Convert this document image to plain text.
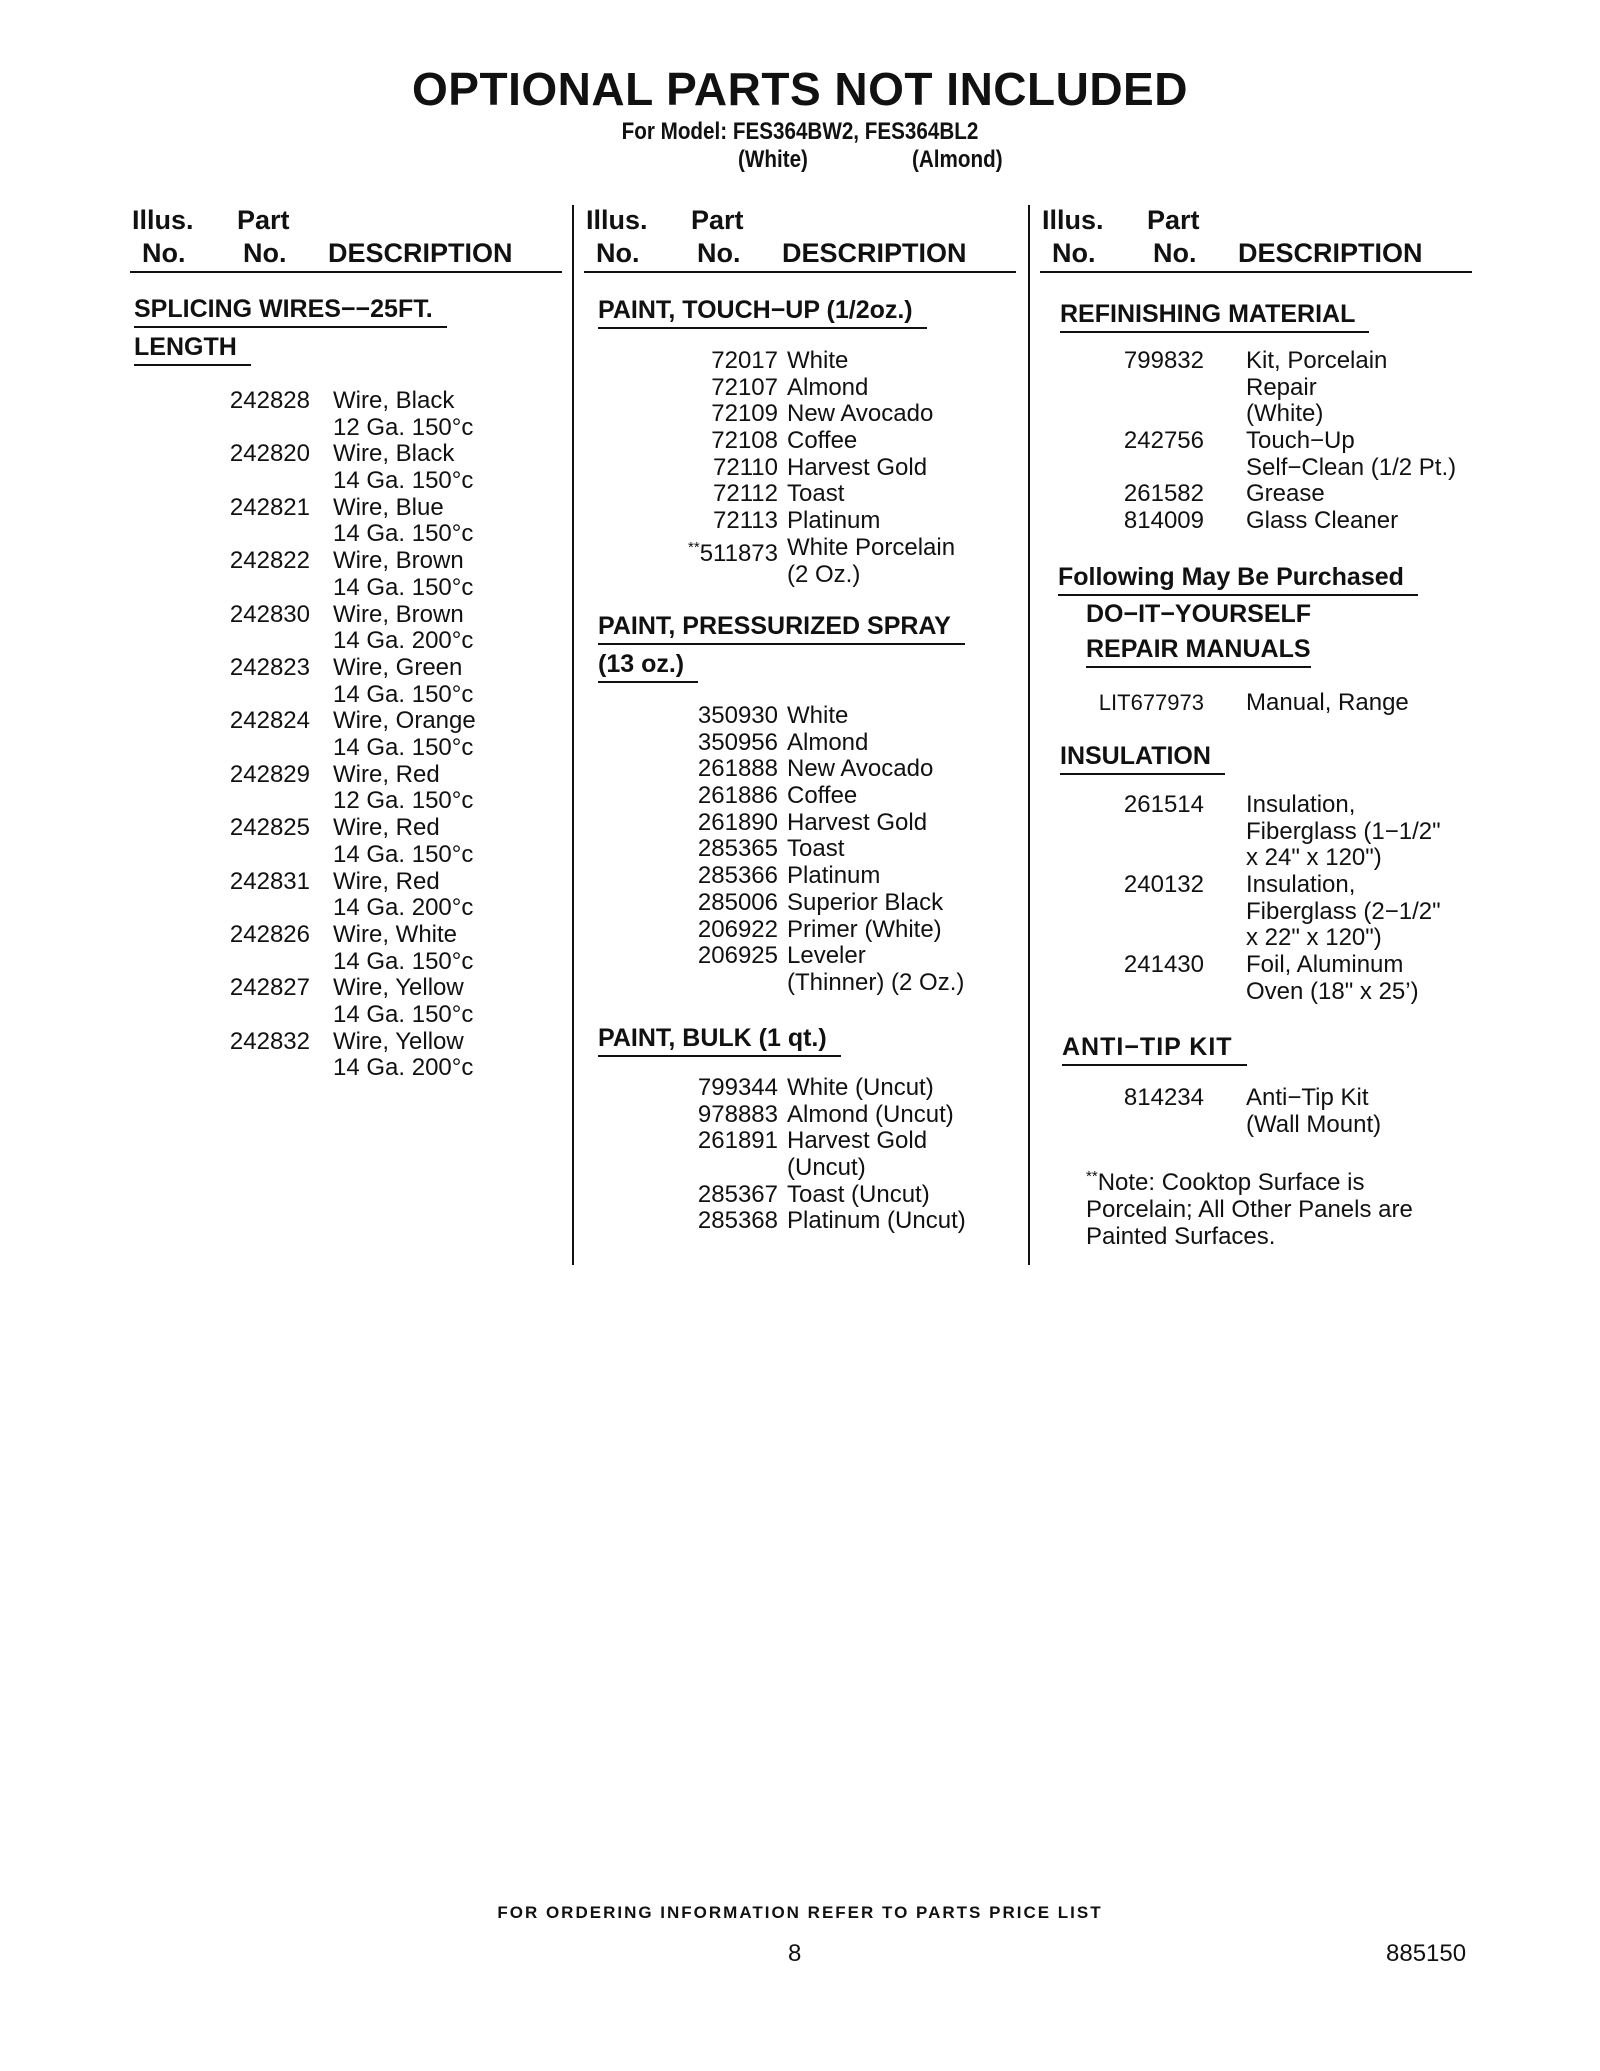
OPTIONAL PARTS NOT INCLUDED
For Model: FES364BW2, FES364BL2
(White)	(Almond)
Illus.
No.
Part
No. DESCRIPTION
SPLICING WIRES−−25FT.
LENGTH
242828 Wire, Black
12 Ga. 150°c
242820 Wire, Black
14 Ga. 150°c
242821 Wire, Blue
14 Ga. 150°c
242822 Wire, Brown
14 Ga. 150°c
242830 Wire, Brown
14 Ga. 200°c
242823 Wire, Green
14 Ga. 150°c
242824 Wire, Orange
14 Ga. 150°c
242829 Wire, Red
12 Ga. 150°c
242825 Wire, Red
14 Ga. 150°c
242831 Wire, Red
14 Ga. 200°c
242826 Wire, White
14 Ga. 150°c
242827 Wire, Yellow
14 Ga. 150°c
242832 Wire, Yellow
14 Ga. 200°c
Illus.
No.
Part
No. DESCRIPTION
PAINT, TOUCH−UP (1/2oz.)
72017 White
72107 Almond
72109 New Avocado
72108 Coffee
72110 Harvest Gold
72112 Toast
72113 Platinum
**511873 White Porcelain
(2 Oz.)
PAINT, PRESSURIZED SPRAY
(13 oz.)
350930 White
350956 Almond
261888 New Avocado
261886 Coffee
261890 Harvest Gold
285365 Toast
285366 Platinum
285006 Superior Black
206922 Primer (White)
206925 Leveler
(Thinner) (2 Oz.)
PAINT, BULK (1 qt.)
799344 White (Uncut)
978883 Almond (Uncut)
261891 Harvest Gold
(Uncut)
285367 Toast (Uncut)
285368 Platinum (Uncut)
Illus.
No.
Part
No. DESCRIPTION
REFINISHING MATERIAL
799832 Kit, Porcelain
Repair
(White)
242756 Touch−Up
Self−Clean (1/2 Pt.)
261582 Grease
814009 Glass Cleaner
Following May Be Purchased
DO−IT−YOURSELF
REPAIR MANUALS
LIT677973 Manual, Range
INSULATION
261514 Insulation,
Fiberglass (1−1/2"
x 24" x 120")
240132 Insulation,
Fiberglass (2−1/2"
x 22" x 120")
241430 Foil, Aluminum
Oven (18" x 25’)
ANTI−TIP KIT
814234 Anti−Tip Kit
(Wall Mount)
**Note: Cooktop Surface is
Porcelain; All Other Panels are
Painted Surfaces.
FOR ORDERING INFORMATION REFER TO PARTS PRICE LIST
8	885150
